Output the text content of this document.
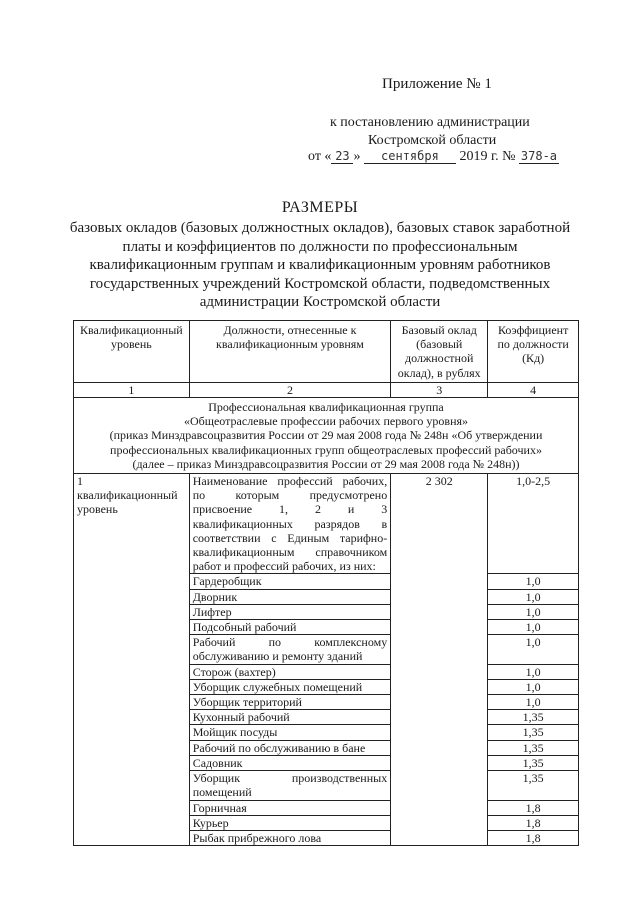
Приложение № 1
к постановлению администрации
Костромской области
от « 23 » сентября 2019 г. № 378-а
РАЗМЕРЫ
базовых окладов (базовых должностных окладов), базовых ставок заработной платы и коэффициентов по должности по профессиональным квалификационным группам и квалификационным уровням работников государственных учреждений Костромской области, подведомственных администрации Костромской области
Квалификационный уровень	Должности, отнесенные к квалификационным уровням	Базовый оклад (базовый должностной оклад), в рублях	Коэффициент по должности (Кд)
1	2	3	4

Профессиональная квалификационная группа
«Общеотраслевые профессии рабочих первого уровня»
(приказ Минздравсоцразвития России от 29 мая 2008 года № 248н «Об утверждении профессиональных квалификационных групп общеотраслевых профессий рабочих»
(далее – приказ Минздравсоцразвития России от 29 мая 2008 года № 248н))			

1 квалификационный уровень	Наименование профессий рабочих, по которым предусмотрено присвоение 1, 2 и 3 квалификационных разрядов в соответствии с Единым тарифно-квалификационным справочником работ и профессий рабочих, из них:	2 302	1,0-2,5
	Гардеробщик		1,0
	Дворник		1,0
	Лифтер		1,0
	Подсобный рабочий		1,0
	Рабочий по комплексному обслуживанию и ремонту зданий		1,0
	Сторож (вахтер)		1,0
	Уборщик служебных помещений		1,0
	Уборщик территорий		1,0
	Кухонный рабочий		1,35
	Мойщик посуды		1,35
	Рабочий по обслуживанию в бане		1,35
	Садовник		1,35
	Уборщик производственных помещений		1,35
	Горничная		1,8
	Курьер		1,8
	Рыбак прибрежного лова		1,8
